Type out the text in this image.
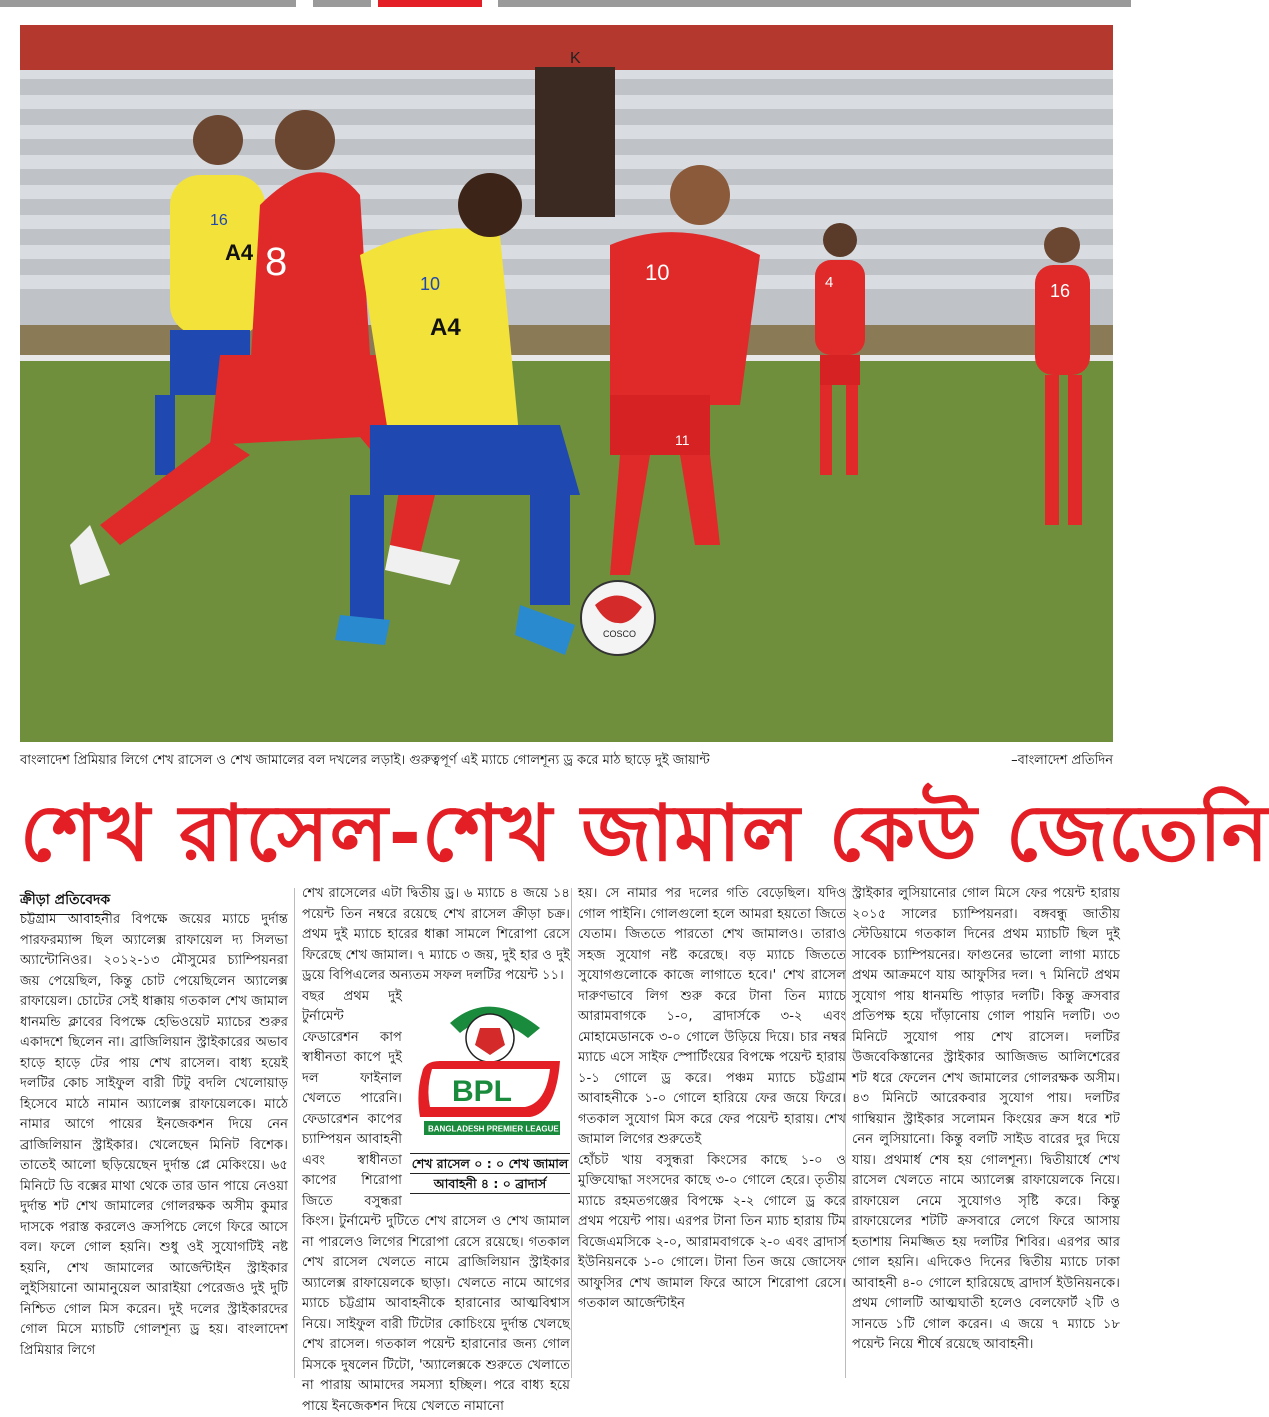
K
16
4
16
A4 8	10
A4
10
11
COSCO
বাংলাদেশ প্রিমিয়ার লিগে শেখ রাসেল ও শেখ জামালের বল দখলের লড়াই। গুরুত্বপূর্ণ এই ম্যাচে গোলশূন্য ড্র করে মাঠ ছাড়ে দুই জায়ান্ট	–বাংলাদেশ প্রতিদিন
শেখ রাসেল-শেখ জামাল কেউ জেতেনি
ক্রীড়া প্রতিবেদক

চট্টগ্রাম আবাহনীর বিপক্ষে জয়ের ম্যাচে দুর্দান্ত পারফরম্যান্স ছিল অ্যালেক্স রাফায়েল দ্য সিলভা অ্যান্টোনিওর। ২০১২-১৩ মৌসুমের চ্যাম্পিয়নরা জয় পেয়েছিল, কিন্তু চোট পেয়েছিলেন অ্যালেক্স রাফায়েল। চোটের সেই ধাক্কায় গতকাল শেখ জামাল ধানমন্ডি ক্লাবের বিপক্ষে হেভিওয়েট ম্যাচের শুরুর একাদশে ছিলেন না। ব্রাজিলিয়ান স্ট্রাইকারের অভাব হাড়ে হাড়ে টের পায় শেখ রাসেল। বাধ্য হয়েই দলটির কোচ সাইফুল বারী টিটু বদলি খেলোয়াড় হিসেবে মাঠে নামান অ্যালেক্স রাফায়েলকে। মাঠে নামার আগে পায়ের ইনজেকশন দিয়ে নেন ব্রাজিলিয়ান স্ট্রাইকার। খেলেছেন মিনিট বিশেক। তাতেই আলো ছড়িয়েছেন দুর্দান্ত প্লে মেকিংয়ে। ৬৫ মিনিটে ডি বক্সের মাথা থেকে তার ডান পায়ে নেওয়া দুর্দান্ত শট শেখ জামালের গোলরক্ষক অসীম কুমার দাসকে পরাস্ত করলেও ক্রসপিচে লেগে ফিরে আসে বল। ফলে গোল হয়নি। শুধু ওই সুযোগটিই নষ্ট হয়নি, শেখ জামালের আর্জেন্টাইন স্ট্রাইকার লুইসিয়ানো আমানুয়েল আরাইয়া পেরেজও দুই দুটি নিশ্চিত গোল মিস করেন। দুই দলের স্ট্রাইকারদের গোল মিসে ম্যাচটি গোলশূন্য ড্র হয়। বাংলাদেশ প্রিমিয়ার লিগে

শেখ রাসেলের এটা দ্বিতীয় ড্র। ৬ ম্যাচে ৪ জয়ে ১৪ পয়েন্ট তিন নম্বরে রয়েছে শেখ রাসেল ক্রীড়া চক্র। প্রথম দুই ম্যাচে হারের ধাক্কা সামলে শিরোপা রেসে ফিরেছে শেখ জামাল। ৭ ম্যাচে ৩ জয়, দুই হার ও দুই ড্রয়ে বিপিএলের অন্যতম সফল দলটির পয়েন্ট ১১।

BPL
BANGLADESH PREMIER LEAGUE
শেখ রাসেল ০ : ০ শেখ জামাল
আবাহনী ৪ : ০ ব্রাদার্স

বছর প্রথম দুই টুর্নামেন্ট ফেডারেশন কাপ স্বাধীনতা কাপে দুই দল ফাইনাল খেলতে পারেনি। ফেডারেশন কাপের চ্যাম্পিয়ন আবাহনী এবং স্বাধীনতা কাপের শিরোপা জিতে বসুন্ধরা কিংস। টুর্নামেন্ট দুটিতে শেখ রাসেল ও শেখ জামাল না পারলেও লিগের শিরোপা রেসে রয়েছে। গতকাল শেখ রাসেল খেলতে নামে ব্রাজিলিয়ান স্ট্রাইকার অ্যালেক্স রাফায়েলকে ছাড়া। খেলতে নামে আগের ম্যাচে চট্টগ্রাম আবাহনীকে হারানোর আত্মবিশ্বাস নিয়ে। সাইফুল বারী টিটোর কোচিংয়ে দুর্দান্ত খেলছে শেখ রাসেল। গতকাল পয়েন্ট হারানোর জন্য গোল মিসকে দুষলেন টিটো, 'অ্যালেক্সকে শুরুতে খেলাতে না পারায় আমাদের সমস্যা হচ্ছিল। পরে বাধ্য হয়ে পায়ে ইনজেকশন দিয়ে খেলতে নামানো

হয়। সে নামার পর দলের গতি বেড়েছিল। যদিও গোল পাইনি। গোলগুলো হলে আমরা হয়তো জিতে যেতাম। জিততে পারতো শেখ জামালও। তারাও সহজ সুযোগ নষ্ট করেছে। বড় ম্যাচে জিততে সুযোগগুলোকে কাজে লাগাতে হবে।' শেখ রাসেল দারুণভাবে লিগ শুরু করে টানা তিন ম্যাচে আরামবাগকে ১-০, ব্রাদার্সকে ৩-২ এবং মোহামেডানকে ৩-০ গোলে উড়িয়ে দিয়ে। চার নম্বর ম্যাচে এসে সাইফ স্পোর্টিংয়ের বিপক্ষে পয়েন্ট হারায় ১-১ গোলে ড্র করে। পঞ্চম ম্যাচে চট্টগ্রাম আবাহনীকে ১-০ গোলে হারিয়ে ফের জয়ে ফিরে। গতকাল সুযোগ মিস করে ফের পয়েন্ট হারায়। শেখ জামাল লিগের শুরুতেই

হোঁচট খায় বসুন্ধরা কিংসের কাছে ১-০ ও মুক্তিযোদ্ধা সংসদের কাছে ৩-০ গোলে হেরে। তৃতীয় ম্যাচে রহমতগঞ্জের বিপক্ষে ২-২ গোলে ড্র করে প্রথম পয়েন্ট পায়। এরপর টানা তিন ম্যাচ হারায় টিম বিজেএমসিকে ২-০, আরামবাগকে ২-০ এবং ব্রাদার্স ইউনিয়নকে ১-০ গোলে। টানা তিন জয়ে জোসেফ আফুসির শেখ জামাল ফিরে আসে শিরোপা রেসে। গতকাল আর্জেন্টাইন

স্ট্রাইকার লুসিয়ানোর গোল মিসে ফের পয়েন্ট হারায় ২০১৫ সালের চ্যাম্পিয়নরা। বঙ্গবন্ধু জাতীয় স্টেডিয়ামে গতকাল দিনের প্রথম ম্যাচটি ছিল দুই সাবেক চ্যাম্পিয়নের। ফাগুনের ভালো লাগা ম্যাচে প্রথম আক্রমণে যায় আফুসির দল। ৭ মিনিটে প্রথম সুযোগ পায় ধানমন্ডি পাড়ার দলটি। কিন্তু ক্রসবার প্রতিপক্ষ হয়ে দাঁড়ানোয় গোল পায়নি দলটি। ৩৩ মিনিটে সুযোগ পায় শেখ রাসেল। দলটির উজবেকিস্তানের স্ট্রাইকার আজিজভ আলিশেরের শট ধরে ফেলেন শেখ জামালের গোলরক্ষক অসীম। ৪৩ মিনিটে আরেকবার সুযোগ পায়। দলটির গাম্বিয়ান স্ট্রাইকার সলোমন কিংয়ের ক্রস ধরে শট নেন লুসিয়ানো। কিন্তু বলটি সাইড বারের দুর দিয়ে যায়। প্রথমার্ধ শেষ হয় গোলশূন্য। দ্বিতীয়ার্ধে শেখ রাসেল খেলতে নামে অ্যালেক্স রাফায়েলকে নিয়ে। রাফায়েল নেমে সুযোগও সৃষ্টি করে। কিন্তু রাফায়েলের শটটি ক্রসবারে লেগে ফিরে আসায় হতাশায় নিমজ্জিত হয় দলটির শিবির। এরপর আর গোল হয়নি। এদিকেও দিনের দ্বিতীয় ম্যাচে ঢাকা আবাহনী ৪-০ গোলে হারিয়েছে ব্রাদার্স ইউনিয়নকে। প্রথম গোলটি আত্মঘাতী হলেও বেলফোর্ট ২টি ও সানডে ১টি গোল করেন। এ জয়ে ৭ ম্যাচে ১৮ পয়েন্ট নিয়ে শীর্ষে রয়েছে আবাহনী।
